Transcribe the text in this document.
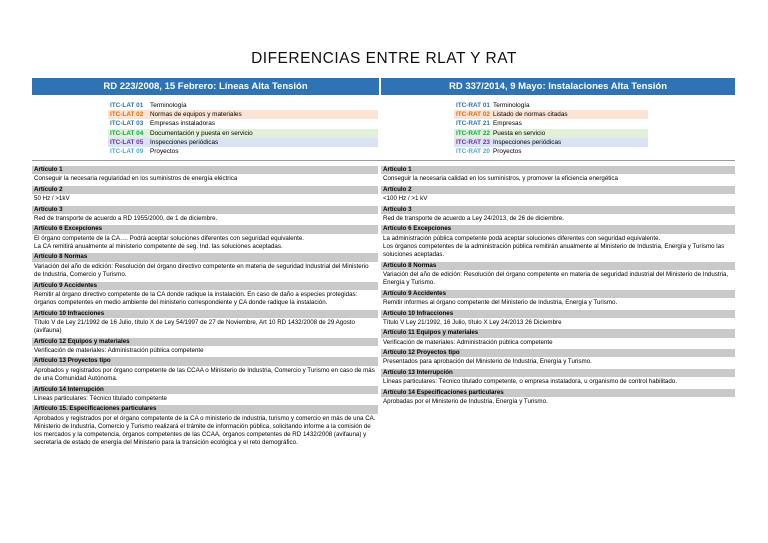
DIFERENCIAS ENTRE RLAT Y RAT
RD 223/2008, 15 Febrero: Líneas Alta Tensión	RD 337/2014, 9 Mayo: Instalaciones Alta Tensión
ITC-LAT 01	Terminología
ITC-LAT 02	Normas de equipos y materiales
ITC-LAT 03	Empresas instaladoras
ITC-LAT 04	Documentación y puesta en servicio
ITC-LAT 05	Inspecciones periódicas
ITC-LAT 09	Proyectos
ITC-RAT 01 Terminología
ITC-RAT 02 Listado de normas citadas
ITC-RAT 21 Empresas
ITC-RAT 22 Puesta en servicio
ITC-RAT 23 Inspecciones periódicas
ITC-RAT 20 Proyectos
Artículo 1

Conseguir la necesaria regularidad en los suministros de energía eléctrica

Artículo 2

50 Hz / >1kV

Artículo 3

Red de transporte de acuerdo a RD 1955/2000, de 1 de diciembre.

Artículo 6 Excepciones

El órgano competente de la CA…. Podrá aceptar soluciones diferentes con seguridad equivalente.

La CA remitirá anualmente al ministerio competente de seg. Ind. las soluciones aceptadas.

Artículo 8 Normas

Variación del año de edición: Resolución del órgano directivo competente en materia de seguridad Industrial del Ministerio de Industria, Comercio y Turismo.

Artículo 9 Accidentes

Remitir al órgano directivo competente de la CA donde radique la instalación. En caso de daño a especies protegidas: órganos competentes en medio ambiente del ministerio correspondiente y CA donde radique la instalación.

Artículo 10 Infracciones

Título V de Ley 21/1992 de 16 Julio, título X de Ley 54/1997 de 27 de Noviembre, Art 10 RD 1432/2008 de 29 Agosto (avifauna)

Artículo 12 Equipos y materiales

Verificación de materiales: Administración pública competente

Artículo 13 Proyectos tipo

Aprobados y registrados por órgano competente de las CCAA o Ministerio de Industria, Comercio y Turismo en caso de más de una Comunidad Autónoma.

Artículo 14 Interrupción

Líneas particulares: Técnico titulado competente

Artículo 15. Especificaciones particulares

Aprobados y registrados por el órgano competente de la CA o ministerio de industria, turismo y comercio en más de una CA. Ministerio de Industria, Comercio y Turismo realizará el trámite de información pública, solicitando informe a la comisión de los mercados y la competencia, órganos competentes de las CCAA, órganos competentes de RD 1432/2008 (avifauna) y secretaría de estado de energía del Ministerio para la transición ecológica y el reto demográfico.

Artículo 1

Conseguir la necesaria calidad en los suministros, y promover la eficiencia energética

Artículo 2

<100 Hz / >1 kV

Artículo 3

Red de transporte de acuerdo a Ley 24/2013, de 26 de diciembre.

Artículo 6 Excepciones

La administración pública competente podá aceptar soluciones diferentes con seguridad equivalente.

Los órganos competentes de la administración pública remitirán anualmente al Ministerio de Industria, Energía y Turismo las soluciones aceptadas.

Artículo 8 Normas

Variación del año de edición: Resolución del órgano competente en materia de seguridad industrial del Ministerio de Industria, Energía y Turismo.

Artículo 9 Accidentes

Remitir informes al órgano competente del Ministerio de Industria, Energía y Turismo.

Artículo 10 Infracciones

Título V Ley 21/1992, 16 Julio, título X Ley 24/2013 26 Diciembre

Artículo 11 Equipos y materiales

Verificación de materiales: Administración pública competente

Artículo 12 Proyectos tipo

Presentados para aprobación del Ministerio de Industria, Energía y Turismo.

Artículo 13 Interrupción

Líneas particulares: Técnico titulado competente, o empresa instaladora, u organismo de control habilitado.

Artículo 14 Especificaciones particulares

Aprobadas por el Ministerio de Industria, Energía y Turismo.
